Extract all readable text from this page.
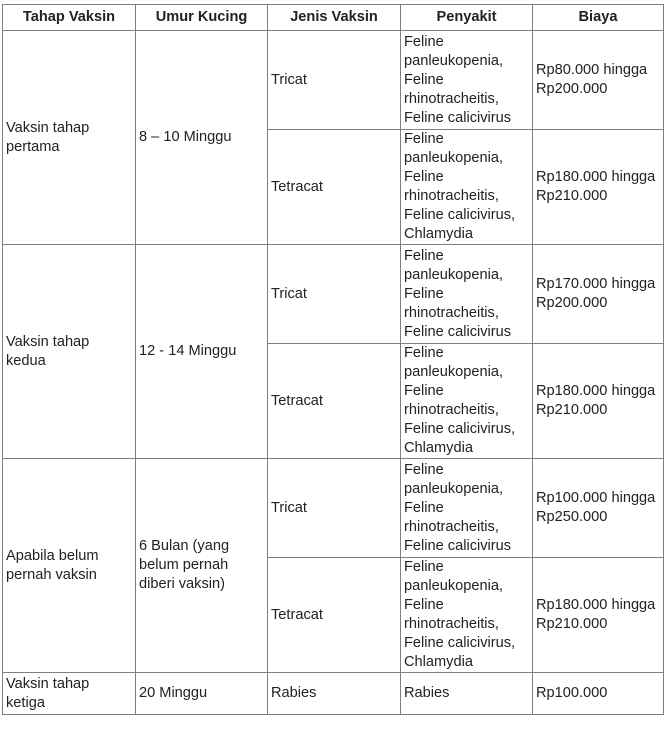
Tahap Vaksin	Umur Kucing	Jenis Vaksin	Penyakit	Biaya
Vaksin tahap pertama	8 – 10 Minggu	Tricat	Feline panleukopenia, Feline rhinotracheitis, Feline calicivirus	Rp80.000 hingga Rp200.000
		Tetracat	Feline panleukopenia, Feline rhinotracheitis, Feline calicivirus, Chlamydia	Rp180.000 hingga Rp210.000
Vaksin tahap kedua	12 - 14 Minggu	Tricat	Feline panleukopenia, Feline rhinotracheitis, Feline calicivirus	Rp170.000 hingga Rp200.000
		Tetracat	Feline panleukopenia, Feline rhinotracheitis, Feline calicivirus, Chlamydia	Rp180.000 hingga Rp210.000
Apabila belum pernah vaksin	6 Bulan (yang belum pernah diberi vaksin)	Tricat	Feline panleukopenia, Feline rhinotracheitis, Feline calicivirus	Rp100.000 hingga Rp250.000
		Tetracat	Feline panleukopenia, Feline rhinotracheitis, Feline calicivirus, Chlamydia	Rp180.000 hingga Rp210.000
Vaksin tahap ketiga	20 Minggu	Rabies	Rabies	Rp100.000
